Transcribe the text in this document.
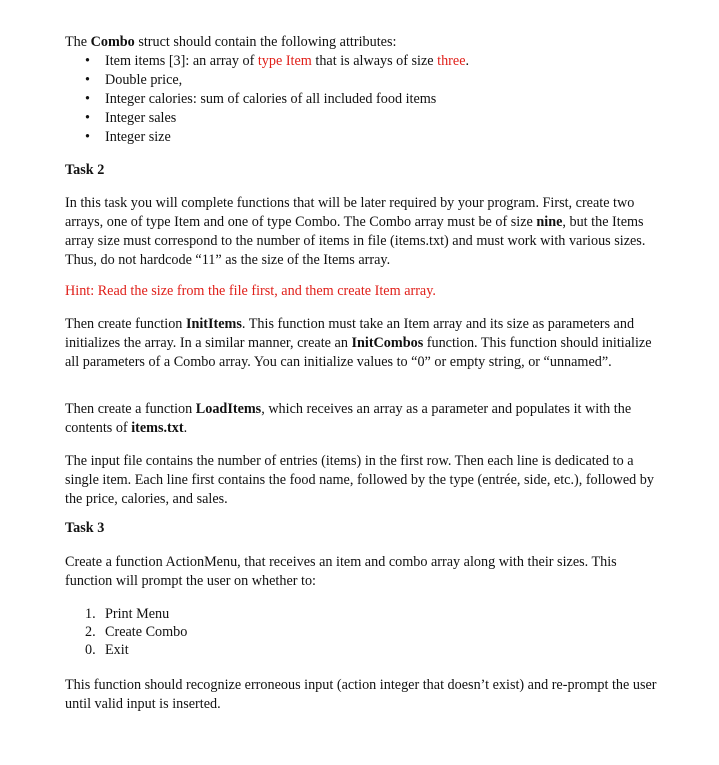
The Combo struct should contain the following attributes:

• Item items [3]: an array of type Item that is always of size three.
• Double price,
• Integer calories: sum of calories of all included food items
• Integer sales
• Integer size

Task 2

In this task you will complete functions that will be later required by your program. First, create two arrays, one of type Item and one of type Combo. The Combo array must be of size nine, but the Items array size must correspond to the number of items in file (items.txt) and must work with various sizes. Thus, do not hardcode “11” as the size of the Items array.

Hint: Read the size from the file first, and them create Item array.

Then create function InitItems. This function must take an Item array and its size as parameters and initializes the array. In a similar manner, create an InitCombos function. This function should initialize all parameters of a Combo array. You can initialize values to “0” or empty string, or “unnamed”.

Then create a function LoadItems, which receives an array as a parameter and populates it with the contents of items.txt.

The input file contains the number of entries (items) in the first row. Then each line is dedicated to a single item. Each line first contains the food name, followed by the type (entrée, side, etc.), followed by the price, calories, and sales.

Task 3

Create a function ActionMenu, that receives an item and combo array along with their sizes. This function will prompt the user on whether to:

1. Print Menu
2. Create Combo
0. Exit

This function should recognize erroneous input (action integer that doesn’t exist) and re-prompt the user until valid input is inserted.
